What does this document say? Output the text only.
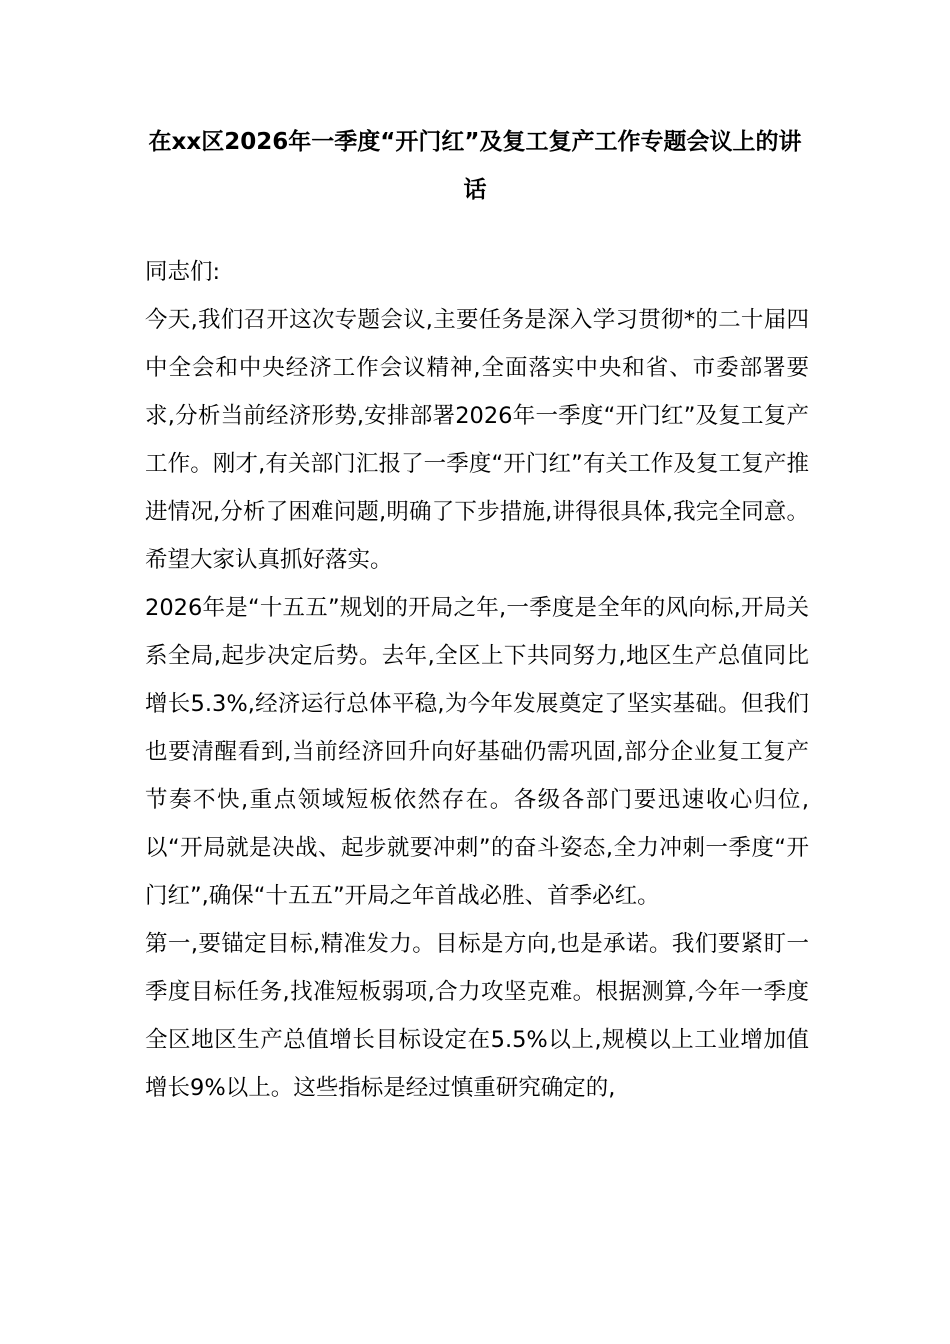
在xx区2026年一季度“开门红”及复工复产工作专题会议上的讲话

同志们:

今天,我们召开这次专题会议,主要任务是深入学习贯彻*的二十届四中全会和中央经济工作会议精神,全面落实中央和省、市委部署要求,分析当前经济形势,安排部署2026年一季度“开门红”及复工复产工作。刚才,有关部门汇报了一季度“开门红”有关工作及复工复产推进情况,分析了困难问题,明确了下步措施,讲得很具体,我完全同意。希望大家认真抓好落实。

2026年是“十五五”规划的开局之年,一季度是全年的风向标,开局关系全局,起步决定后势。去年,全区上下共同努力,地区生产总值同比增长5.3%,经济运行总体平稳,为今年发展奠定了坚实基础。但我们也要清醒看到,当前经济回升向好基础仍需巩固,部分企业复工复产节奏不快,重点领域短板依然存在。各级各部门要迅速收心归位,以“开局就是决战、起步就要冲刺”的奋斗姿态,全力冲刺一季度“开门红”,确保“十五五”开局之年首战必胜、首季必红。

第一,要锚定目标,精准发力。目标是方向,也是承诺。我们要紧盯一季度目标任务,找准短板弱项,合力攻坚克难。根据测算,今年一季度全区地区生产总值增长目标设定在5.5%以上,规模以上工业增加值增长9%以上。这些指标是经过慎重研究确定的,
